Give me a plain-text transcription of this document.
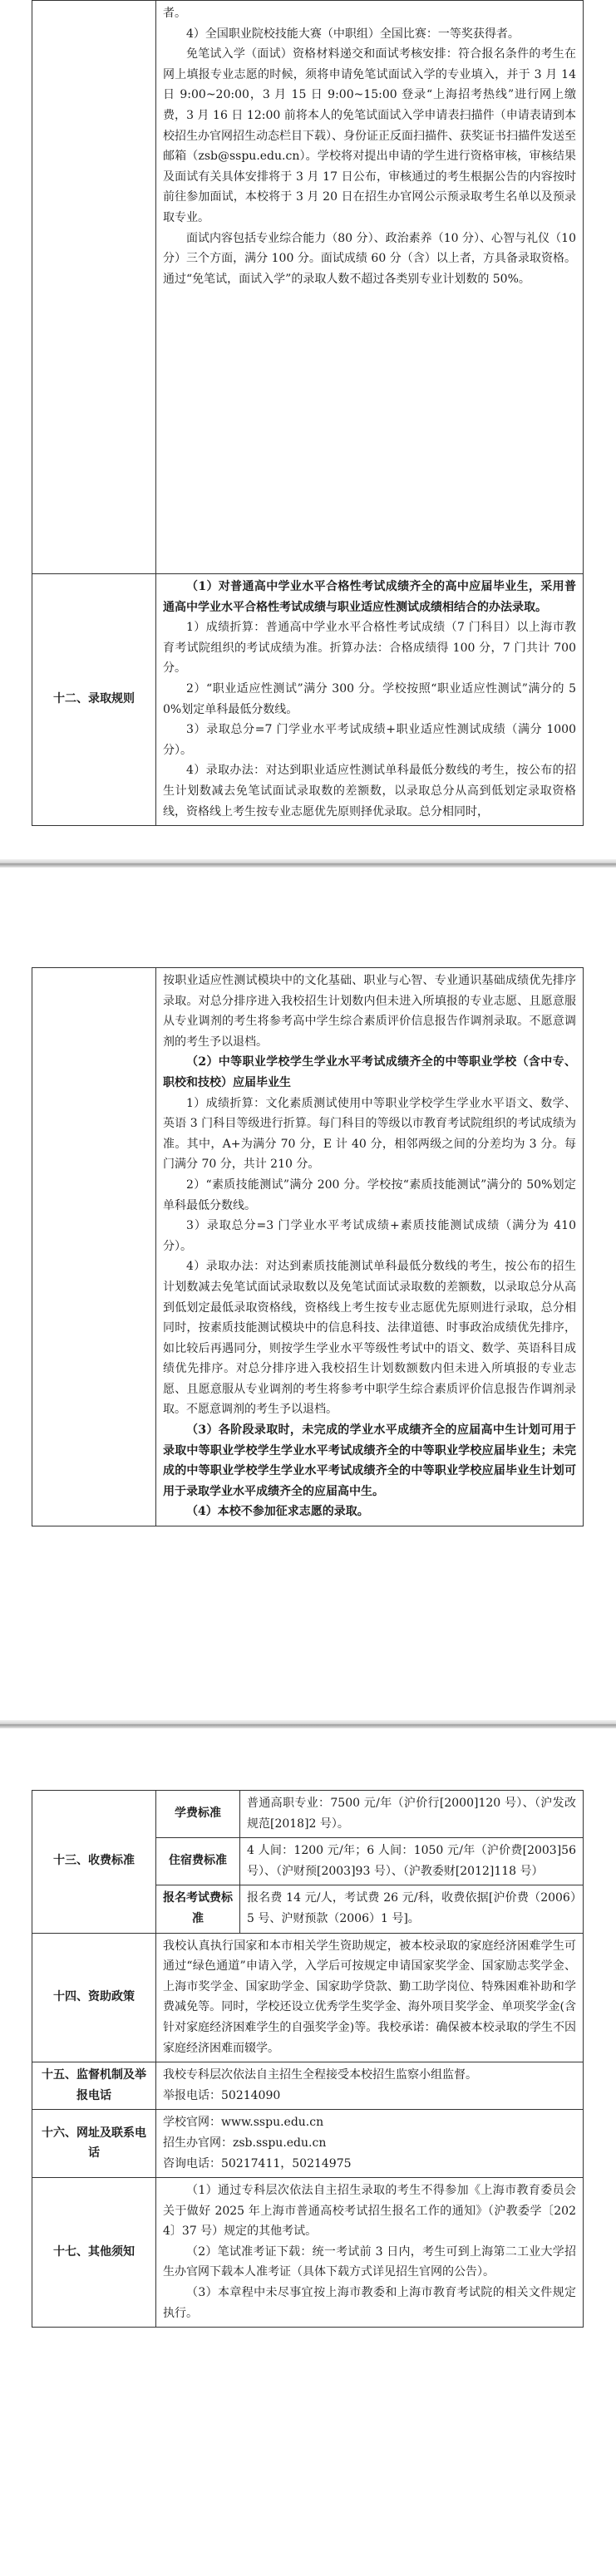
	者。

4）全国职业院校技能大赛（中职组）全国比赛：一等奖获得者。

免笔试入学（面试）资格材料递交和面试考核安排：符合报名条件的考生在网上填报专业志愿的时候，须将申请免笔试面试入学的专业填入，并于 3 月 14 日 9:00~20:00，3 月 15 日 9:00~15:00 登录“上海招考热线”进行网上缴费，3 月 16 日 12:00 前将本人的免笔试面试入学申请表扫描件（申请表请到本校招生办官网招生动态栏目下载）、身份证正反面扫描件、获奖证书扫描件发送至邮箱（zsb@sspu.edu.cn）。学校将对提出申请的学生进行资格审核，审核结果及面试有关具体安排将于 3 月 17 日公布，审核通过的考生根据公告的内容按时前往参加面试，本校将于 3 月 20 日在招生办官网公示预录取考生名单以及预录取专业。

面试内容包括专业综合能力（80 分）、政治素养（10 分）、心智与礼仪（10 分）三个方面，满分 100 分。面试成绩 60 分（含）以上者，方具备录取资格。通过“免笔试，面试入学”的录取人数不超过各类别专业计划数的 50%。

十二、录取规则	（1）对普通高中学业水平合格性考试成绩齐全的高中应届毕业生，采用普通高中学业水平合格性考试成绩与职业适应性测试成绩相结合的办法录取。

1）成绩折算：普通高中学业水平合格性考试成绩（7 门科目）以上海市教育考试院组织的考试成绩为准。折算办法：合格成绩得 100 分，7 门共计 700 分。

2）“职业适应性测试”满分 300 分。学校按照“职业适应性测试”满分的 50%划定单科最低分数线。

3）录取总分=7 门学业水平考试成绩+职业适应性测试成绩（满分 1000 分）。

4）录取办法：对达到职业适应性测试单科最低分数线的考生，按公布的招生计划数减去免笔试面试录取数的差额数，以录取总分从高到低划定录取资格线，资格线上考生按专业志愿优先原则择优录取。总分相同时，

按职业适应性测试模块中的文化基础、职业与心智、专业通识基础成绩优先排序录取。对总分排序进入我校招生计划数内但未进入所填报的专业志愿、且愿意服从专业调剂的考生将参考高中学生综合素质评价信息报告作调剂录取。不愿意调剂的考生予以退档。

（2）中等职业学校学生学业水平考试成绩齐全的中等职业学校（含中专、职校和技校）应届毕业生

1）成绩折算：文化素质测试使用中等职业学校学生学业水平语文、数学、英语 3 门科目等级进行折算。每门科目的等级以市教育考试院组织的考试成绩为准。其中，A+为满分 70 分，E 计 40 分，相邻两级之间的分差均为 3 分。每门满分 70 分，共计 210 分。

2）“素质技能测试”满分 200 分。学校按“素质技能测试”满分的 50%划定单科最低分数线。

3）录取总分=3 门学业水平考试成绩+素质技能测试成绩（满分为 410 分）。

4）录取办法：对达到素质技能测试单科最低分数线的考生，按公布的招生计划数减去免笔试面试录取数以及免笔试面试录取数的差额数，以录取总分从高到低划定最低录取资格线，资格线上考生按专业志愿优先原则进行录取，总分相同时，按素质技能测试模块中的信息科技、法律道德、时事政治成绩优先排序，如比较后再遇同分，则按学生学业水平等级性考试中的语文、数学、英语科目成绩优先排序。对总分排序进入我校招生计划数额数内但未进入所填报的专业志愿、且愿意服从专业调剂的考生将参考中职学生综合素质评价信息报告作调剂录取。不愿意调剂的考生予以退档。

（3）各阶段录取时，未完成的学业水平成绩齐全的应届高中生计划可用于录取中等职业学校学生学业水平考试成绩齐全的中等职业学校应届毕业生；未完成的中等职业学校学生学业水平考试成绩齐全的中等职业学校应届毕业生计划可用于录取学业水平成绩齐全的应届高中生。

（4）本校不参加征求志愿的录取。

十三、收费标准	学费标准	普通高职专业：7500 元/年（沪价行[2000]120 号）、（沪发改规范[2018]2 号）。

	住宿费标准	4 人间：1200 元/年；6 人间：1050 元/年（沪价费[2003]56 号）、（沪财预[2003]93 号）、（沪教委财[2012]118 号）

	报名考试费标准	报名费 14 元/人，考试费 26 元/科，收费依据[沪价费（2006）5 号、沪财预款（2006）1 号]。

十四、资助政策	我校认真执行国家和本市相关学生资助规定，被本校录取的家庭经济困难学生可通过“绿色通道”申请入学，入学后可按规定申请国家奖学金、国家励志奖学金、上海市奖学金、国家助学金、国家助学贷款、勤工助学岗位、特殊困难补助和学费减免等。同时，学校还设立优秀学生奖学金、海外项目奖学金、单项奖学金(含针对家庭经济困难学生的自强奖学金)等。我校承诺：确保被本校录取的学生不因家庭经济困难而辍学。	

十五、监督机制及举报电话	我校专科层次依法自主招生全程接受本校招生监察小组监督。

举报电话：50214090	

十六、网址及联系电话	学校官网：www.sspu.edu.cn

招生办官网：zsb.sspu.edu.cn

咨询电话：50217411，50214975	

十七、其他须知	（1）通过专科层次依法自主招生录取的考生不得参加《上海市教育委员会关于做好 2025 年上海市普通高校考试招生报名工作的通知》（沪教委学〔2024〕37 号）规定的其他考试。

（2）笔试准考证下载：统一考试前 3 日内，考生可到上海第二工业大学招生办官网下载本人准考证（具体下载方式详见招生官网的公告）。

（3）本章程中未尽事宜按上海市教委和上海市教育考试院的相关文件规定执行。	
